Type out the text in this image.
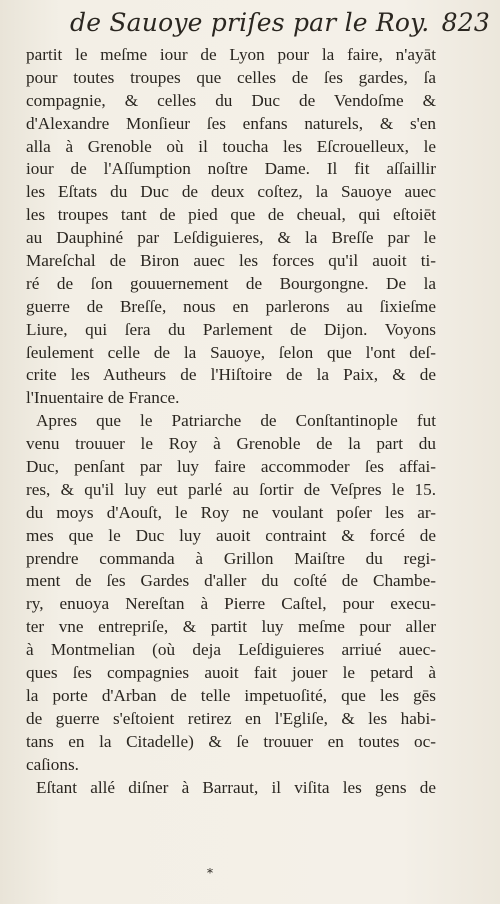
de Sauoye priſes par le Roy. 823
partit le meſme iour de Lyon pour la faire, n'ayāt
pour toutes troupes que celles de ſes gardes, ſa
compagnie, & celles du Duc de Vendoſme &
d'Alexandre Monſieur ſes enfans naturels, & s'en
alla à Grenoble où il toucha les Eſcrouelleux, le
iour de l'Aſſumption noſtre Dame. Il fit aſſaillir
les Eſtats du Duc de deux coſtez, la Sauoye auec
les troupes tant de pied que de cheual, qui eſtoiēt
au Dauphiné par Leſdiguieres, & la Breſſe par le
Mareſchal de Biron auec les forces qu'il auoit ti-
ré de ſon gouuernement de Bourgongne. De la
guerre de Breſſe, nous en parlerons au ſixieſme
Liure, qui ſera du Parlement de Dijon. Voyons
ſeulement celle de la Sauoye, ſelon que l'ont deſ-
crite les Autheurs de l'Hiſtoire de la Paix, & de
l'Inuentaire de France.
Apres que le Patriarche de Conſtantinople fut
venu trouuer le Roy à Grenoble de la part du
Duc, penſant par luy faire accommoder ſes affai-
res, & qu'il luy eut parlé au ſortir de Veſpres le 15.
du moys d'Aouſt, le Roy ne voulant poſer les ar-
mes que le Duc luy auoit contraint & forcé de
prendre commanda à Grillon Maiſtre du regi-
ment de ſes Gardes d'aller du coſté de Chambe-
ry, enuoya Nereſtan à Pierre Caſtel, pour execu-
ter vne entrepriſe, & partit luy meſme pour aller
à Montmelian (où deja Leſdiguieres arriué auec-
ques ſes compagnies auoit fait jouer le petard à
la porte d'Arban de telle impetuoſité, que les gēs
de guerre s'eſtoient retirez en l'Egliſe, & les habi-
tans en la Citadelle) & ſe trouuer en toutes oc-
caſions.
Eſtant allé diſner à Barraut, il viſita les gens de
*
